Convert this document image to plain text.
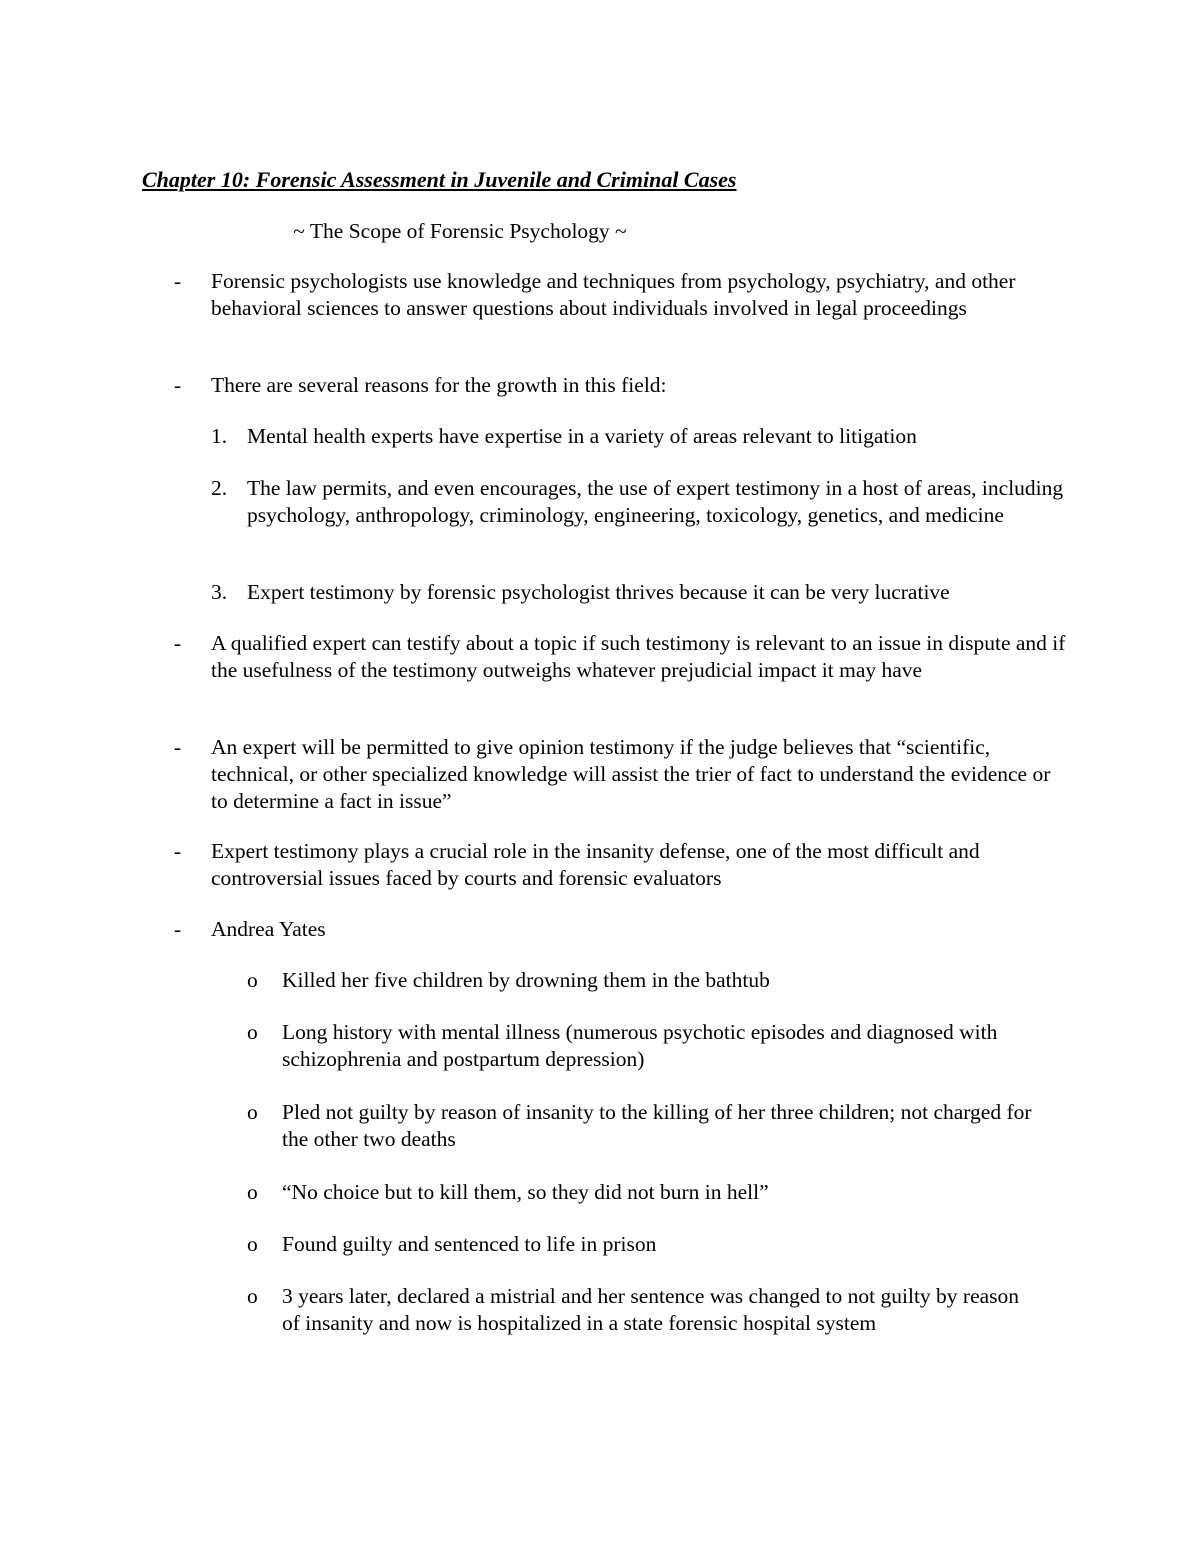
Chapter 10: Forensic Assessment in Juvenile and Criminal Cases
~ The Scope of Forensic Psychology ~
- Forensic psychologists use knowledge and techniques from psychology, psychiatry, and other behavioral sciences to answer questions about individuals involved in legal proceedings
- There are several reasons for the growth in this field:
1. Mental health experts have expertise in a variety of areas relevant to litigation
2. The law permits, and even encourages, the use of expert testimony in a host of areas, including psychology, anthropology, criminology, engineering, toxicology, genetics, and medicine
3. Expert testimony by forensic psychologist thrives because it can be very lucrative
- A qualified expert can testify about a topic if such testimony is relevant to an issue in dispute and if the usefulness of the testimony outweighs whatever prejudicial impact it may have
- An expert will be permitted to give opinion testimony if the judge believes that “scientific, technical, or other specialized knowledge will assist the trier of fact to understand the evidence or to determine a fact in issue”
- Expert testimony plays a crucial role in the insanity defense, one of the most difficult and controversial issues faced by courts and forensic evaluators
- Andrea Yates
o Killed her five children by drowning them in the bathtub
o Long history with mental illness (numerous psychotic episodes and diagnosed with schizophrenia and postpartum depression)
o Pled not guilty by reason of insanity to the killing of her three children; not charged for the other two deaths
o “No choice but to kill them, so they did not burn in hell”
o Found guilty and sentenced to life in prison
o 3 years later, declared a mistrial and her sentence was changed to not guilty by reason of insanity and now is hospitalized in a state forensic hospital system
